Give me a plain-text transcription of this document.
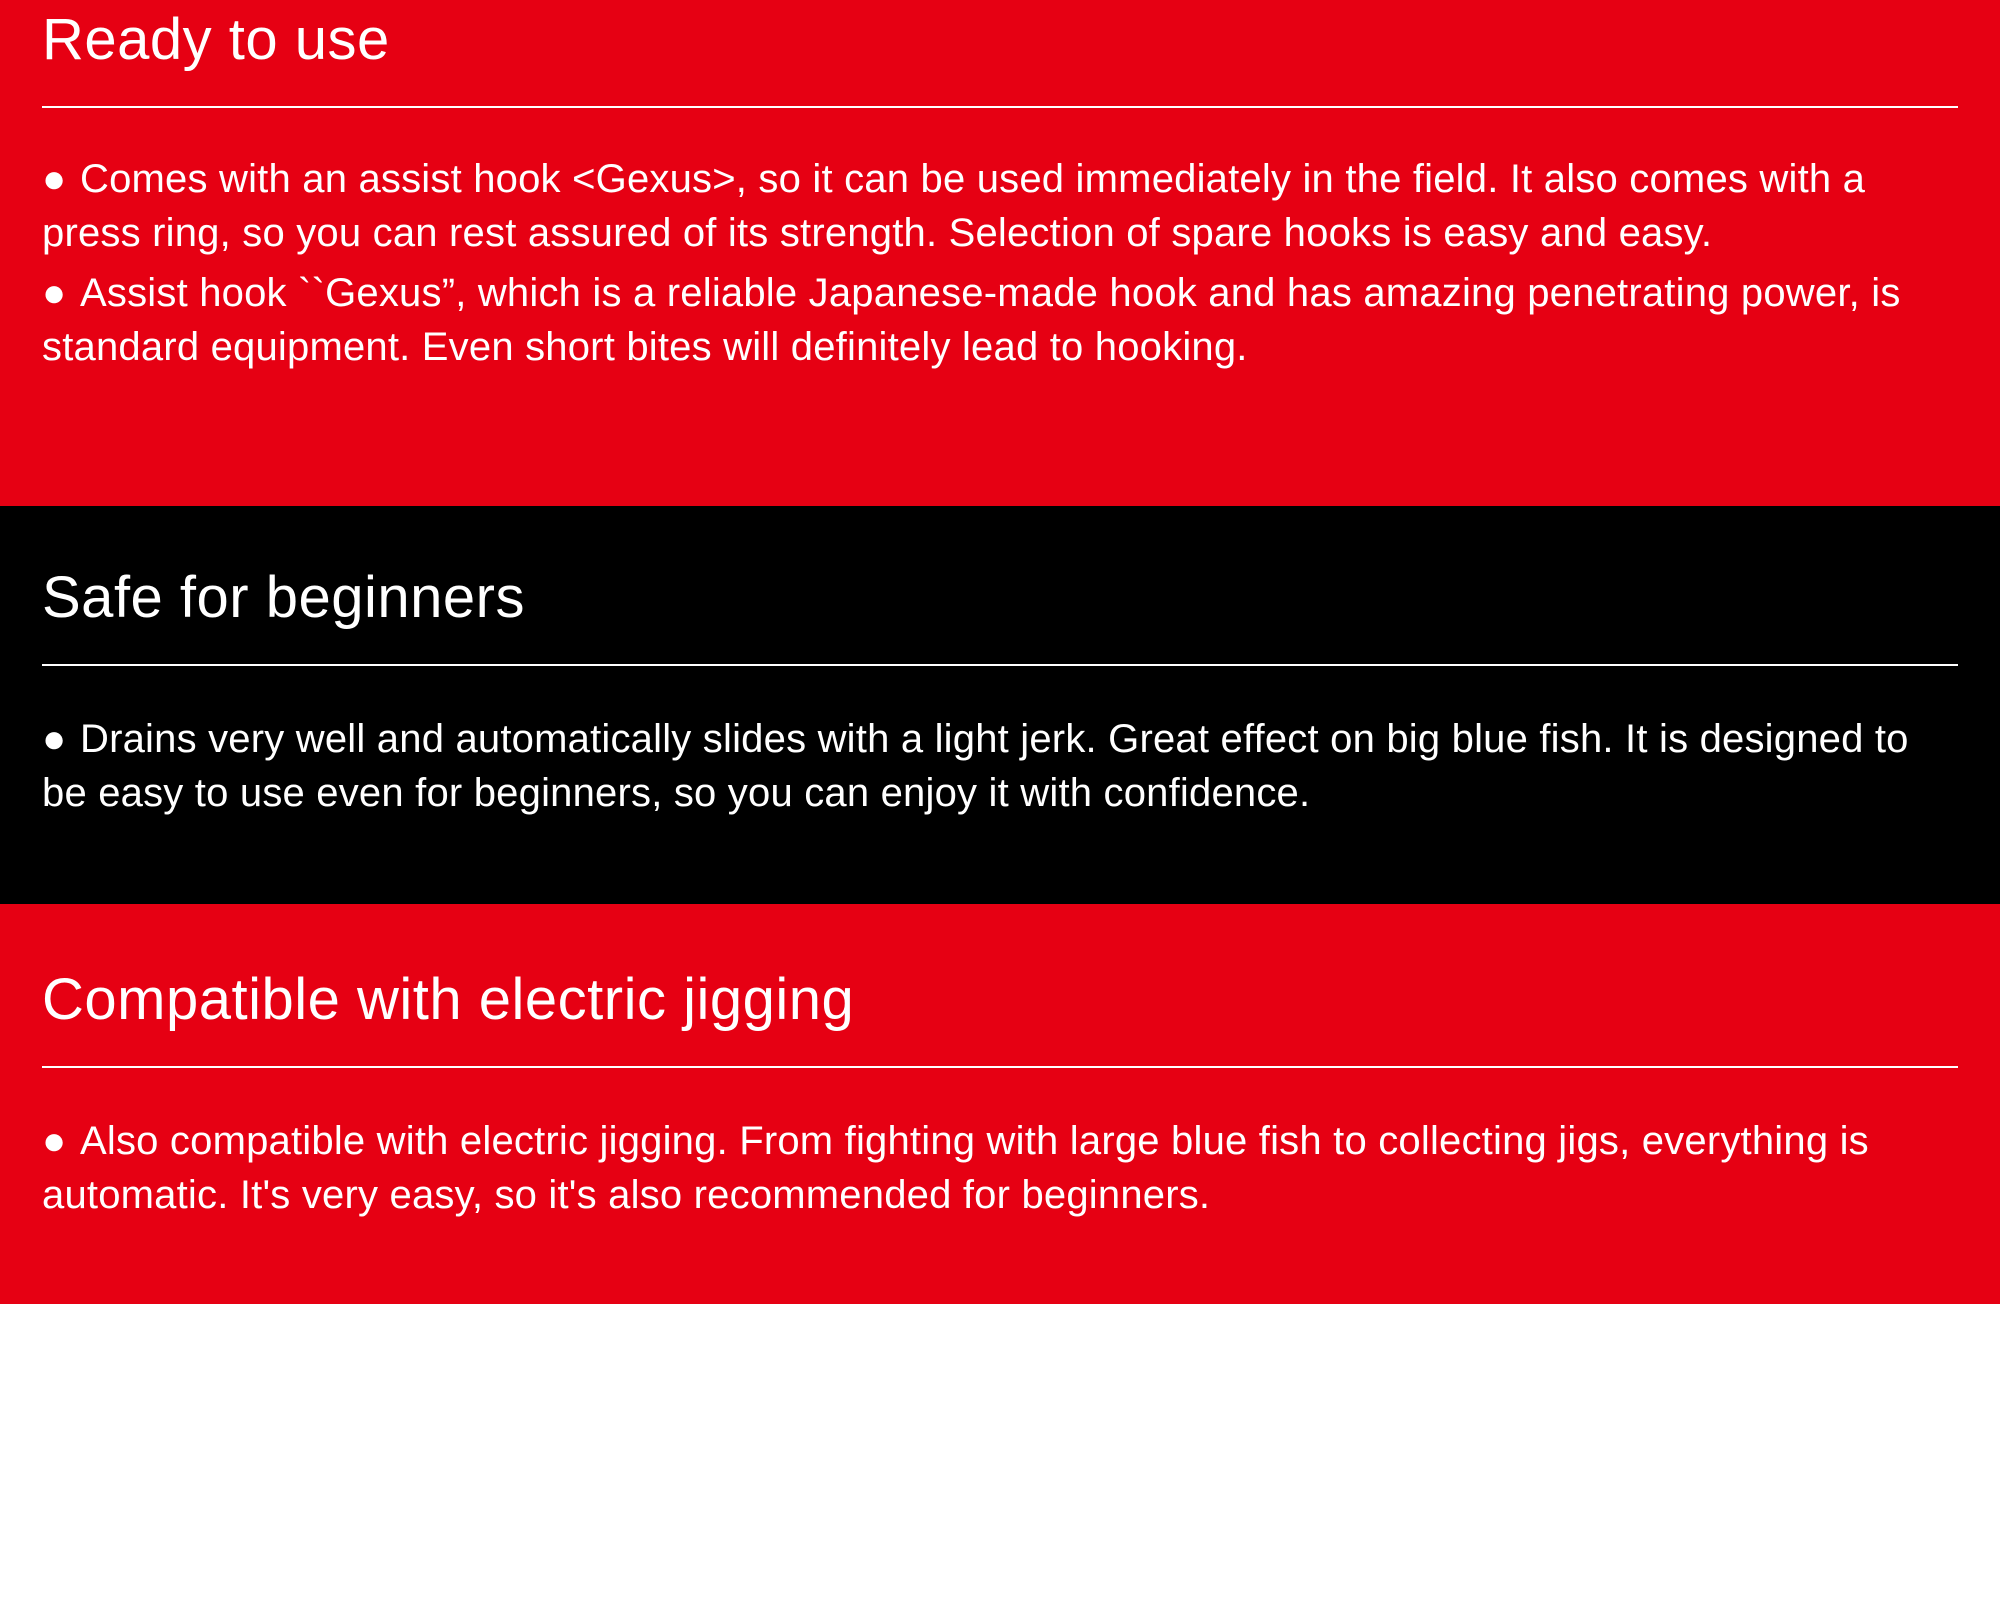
Ready to use

● Comes with an assist hook <Gexus>, so it can be used immediately in the field. It also comes with a press ring, so you can rest assured of its strength. Selection of spare hooks is easy and easy.

● Assist hook ``Gexus”, which is a reliable Japanese-made hook and has amazing penetrating power, is standard equipment. Even short bites will definitely lead to hooking.

Safe for beginners

● Drains very well and automatically slides with a light jerk. Great effect on big blue fish. It is designed to be easy to use even for beginners, so you can enjoy it with confidence.

Compatible with electric jigging

● Also compatible with electric jigging. From fighting with large blue fish to collecting jigs, everything is automatic. It's very easy, so it's also recommended for beginners.
